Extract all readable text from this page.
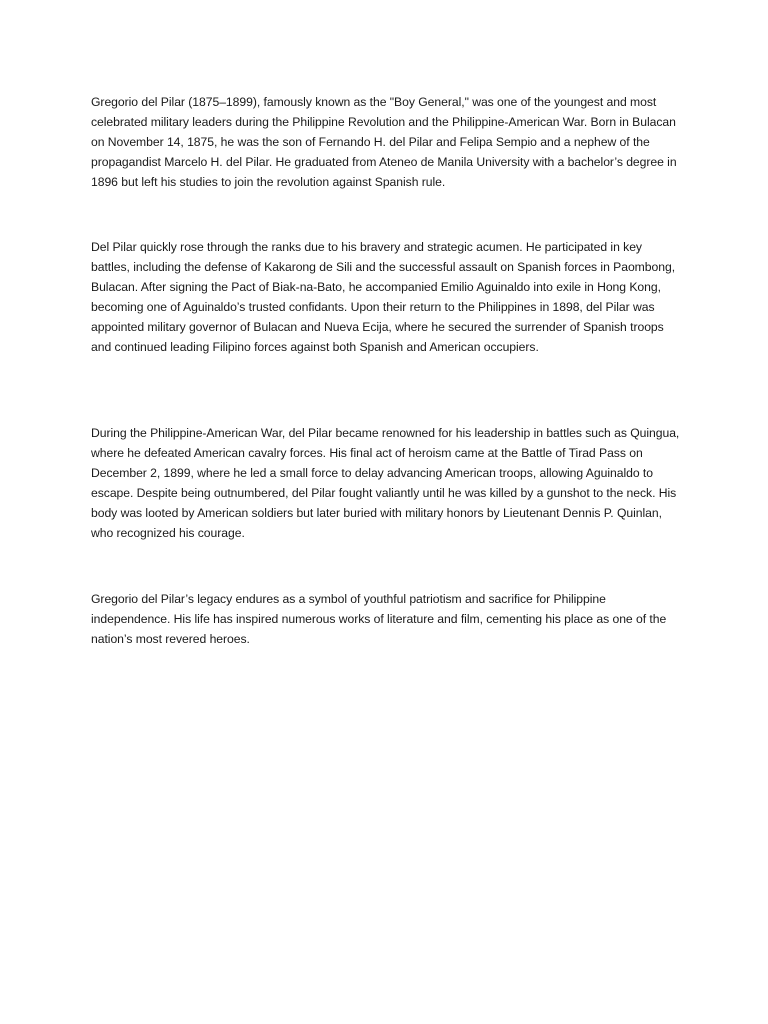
Gregorio del Pilar (1875–1899), famously known as the "Boy General," was one of the youngest and most celebrated military leaders during the Philippine Revolution and the Philippine-American War. Born in Bulacan on November 14, 1875, he was the son of Fernando H. del Pilar and Felipa Sempio and a nephew of the propagandist Marcelo H. del Pilar. He graduated from Ateneo de Manila University with a bachelor’s degree in 1896 but left his studies to join the revolution against Spanish rule.

Del Pilar quickly rose through the ranks due to his bravery and strategic acumen. He participated in key battles, including the defense of Kakarong de Sili and the successful assault on Spanish forces in Paombong, Bulacan. After signing the Pact of Biak-na-Bato, he accompanied Emilio Aguinaldo into exile in Hong Kong, becoming one of Aguinaldo’s trusted confidants. Upon their return to the Philippines in 1898, del Pilar was appointed military governor of Bulacan and Nueva Ecija, where he secured the surrender of Spanish troops and continued leading Filipino forces against both Spanish and American occupiers.

During the Philippine-American War, del Pilar became renowned for his leadership in battles such as Quingua, where he defeated American cavalry forces. His final act of heroism came at the Battle of Tirad Pass on December 2, 1899, where he led a small force to delay advancing American troops, allowing Aguinaldo to escape. Despite being outnumbered, del Pilar fought valiantly until he was killed by a gunshot to the neck. His body was looted by American soldiers but later buried with military honors by Lieutenant Dennis P. Quinlan, who recognized his courage.

Gregorio del Pilar’s legacy endures as a symbol of youthful patriotism and sacrifice for Philippine independence. His life has inspired numerous works of literature and film, cementing his place as one of the nation’s most revered heroes.
